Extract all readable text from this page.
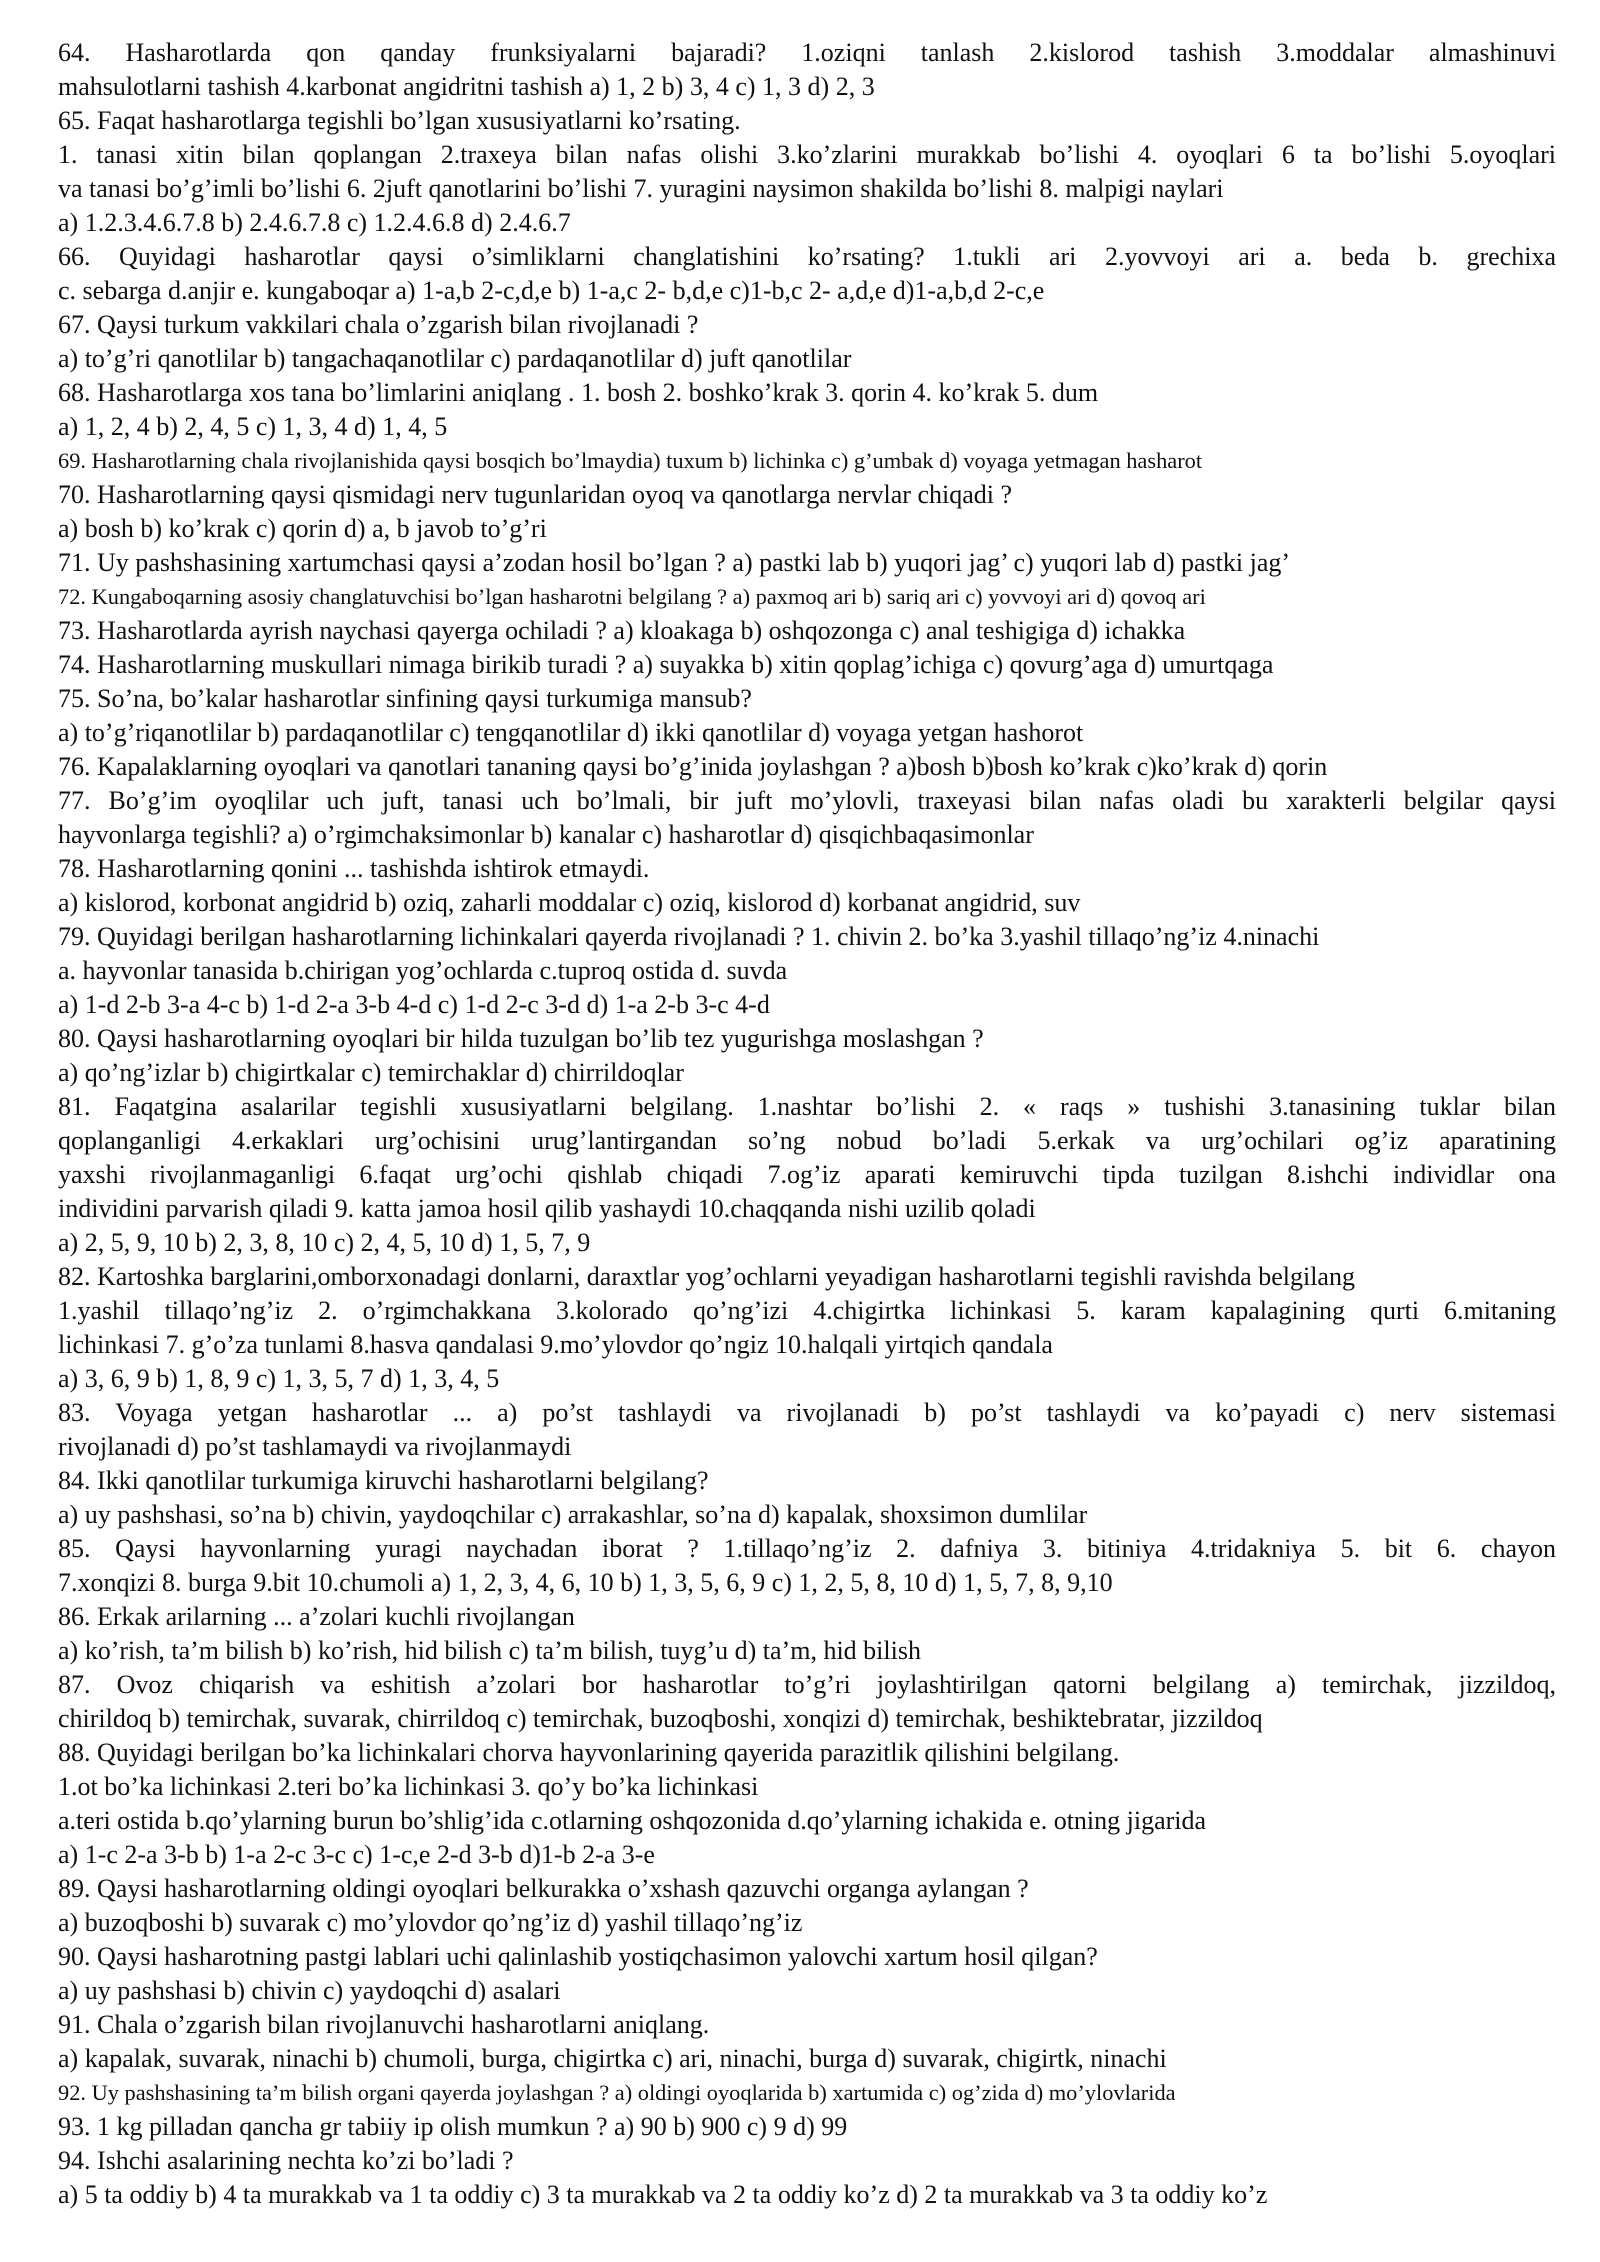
64. Hasharotlarda qon qanday frunksiyalarni bajaradi? 1.oziqni tanlash 2.kislorod tashish 3.moddalar almashinuvi
mahsulotlarni tashish 4.karbonat angidritni tashish a) 1, 2 b) 3, 4 c) 1, 3 d) 2, 3
65. Faqat hasharotlarga tegishli bo’lgan xususiyatlarni ko’rsating.
1. tanasi xitin bilan qoplangan 2.traxeya bilan nafas olishi 3.ko’zlarini murakkab bo’lishi 4. oyoqlari 6 ta bo’lishi 5.oyoqlari
va tanasi bo’g’imli bo’lishi 6. 2juft qanotlarini bo’lishi 7. yuragini naysimon shakilda bo’lishi 8. malpigi naylari
a) 1.2.3.4.6.7.8 b) 2.4.6.7.8 c) 1.2.4.6.8 d) 2.4.6.7
66. Quyidagi hasharotlar qaysi o’simliklarni changlatishini ko’rsating? 1.tukli ari 2.yovvoyi ari a. beda b. grechixa
c. sebarga d.anjir e. kungaboqar a) 1-a,b 2-c,d,e b) 1-a,c 2- b,d,e c)1-b,c 2- a,d,e d)1-a,b,d 2-c,e
67. Qaysi turkum vakkilari chala o’zgarish bilan rivojlanadi ?
a) to’g’ri qanotlilar b) tangachaqanotlilar c) pardaqanotlilar d) juft qanotlilar
68. Hasharotlarga xos tana bo’limlarini aniqlang . 1. bosh 2. boshko’krak 3. qorin 4. ko’krak 5. dum
a) 1, 2, 4 b) 2, 4, 5 c) 1, 3, 4 d) 1, 4, 5
69. Hasharotlarning chala rivojlanishida qaysi bosqich bo’lmaydia) tuxum b) lichinka c) g’umbak d) voyaga yetmagan hasharot
70. Hasharotlarning qaysi qismidagi nerv tugunlaridan oyoq va qanotlarga nervlar chiqadi ?
a) bosh b) ko’krak c) qorin d) a, b javob to’g’ri
71. Uy pashshasining xartumchasi qaysi a’zodan hosil bo’lgan ? a) pastki lab b) yuqori jag’ c) yuqori lab d) pastki jag’
72. Kungaboqarning asosiy changlatuvchisi bo’lgan hasharotni belgilang ? a) paxmoq ari b) sariq ari c) yovvoyi ari d) qovoq ari
73. Hasharotlarda ayrish naychasi qayerga ochiladi ? a) kloakaga b) oshqozonga c) anal teshigiga d) ichakka
74. Hasharotlarning muskullari nimaga birikib turadi ? a) suyakka b) xitin qoplag’ichiga c) qovurg’aga d) umurtqaga
75. So’na, bo’kalar hasharotlar sinfining qaysi turkumiga mansub?
a) to’g’riqanotlilar b) pardaqanotlilar c) tengqanotlilar d) ikki qanotlilar d) voyaga yetgan hashorot
76. Kapalaklarning oyoqlari va qanotlari tananing qaysi bo’g’inida joylashgan ? a)bosh b)bosh ko’krak c)ko’krak d) qorin
77. Bo’g’im oyoqlilar uch juft, tanasi uch bo’lmali, bir juft mo’ylovli, traxeyasi bilan nafas oladi bu xarakterli belgilar qaysi
hayvonlarga tegishli? a) o’rgimchaksimonlar b) kanalar c) hasharotlar d) qisqichbaqasimonlar
78. Hasharotlarning qonini ... tashishda ishtirok etmaydi.
a) kislorod, korbonat angidrid b) oziq, zaharli moddalar c) oziq, kislorod d) korbanat angidrid, suv
79. Quyidagi berilgan hasharotlarning lichinkalari qayerda rivojlanadi ? 1. chivin 2. bo’ka 3.yashil tillaqo’ng’iz 4.ninachi
a. hayvonlar tanasida b.chirigan yog’ochlarda c.tuproq ostida d. suvda
a) 1-d 2-b 3-a 4-c b) 1-d 2-a 3-b 4-d c) 1-d 2-c 3-d d) 1-a 2-b 3-c 4-d
80. Qaysi hasharotlarning oyoqlari bir hilda tuzulgan bo’lib tez yugurishga moslashgan ?
a) qo’ng’izlar b) chigirtkalar c) temirchaklar d) chirrildoqlar
81. Faqatgina asalarilar tegishli xususiyatlarni belgilang. 1.nashtar bo’lishi 2. « raqs » tushishi 3.tanasining tuklar bilan
qoplanganligi 4.erkaklari urg’ochisini urug’lantirgandan so’ng nobud bo’ladi 5.erkak va urg’ochilari og’iz aparatining
yaxshi rivojlanmaganligi 6.faqat urg’ochi qishlab chiqadi 7.og’iz aparati kemiruvchi tipda tuzilgan 8.ishchi individlar ona
individini parvarish qiladi 9. katta jamoa hosil qilib yashaydi 10.chaqqanda nishi uzilib qoladi
a) 2, 5, 9, 10 b) 2, 3, 8, 10 c) 2, 4, 5, 10 d) 1, 5, 7, 9
82. Kartoshka barglarini,omborxonadagi donlarni, daraxtlar yog’ochlarni yeyadigan hasharotlarni tegishli ravishda belgilang
1.yashil tillaqo’ng’iz 2. o’rgimchakkana 3.kolorado qo’ng’izi 4.chigirtka lichinkasi 5. karam kapalagining qurti 6.mitaning
lichinkasi 7. g’o’za tunlami 8.hasva qandalasi 9.mo’ylovdor qo’ngiz 10.halqali yirtqich qandala
a) 3, 6, 9 b) 1, 8, 9 c) 1, 3, 5, 7 d) 1, 3, 4, 5
83. Voyaga yetgan hasharotlar ... a) po’st tashlaydi va rivojlanadi b) po’st tashlaydi va ko’payadi c) nerv sistemasi
rivojlanadi d) po’st tashlamaydi va rivojlanmaydi
84. Ikki qanotlilar turkumiga kiruvchi hasharotlarni belgilang?
a) uy pashshasi, so’na b) chivin, yaydoqchilar c) arrakashlar, so’na d) kapalak, shoxsimon dumlilar
85. Qaysi hayvonlarning yuragi naychadan iborat ? 1.tillaqo’ng’iz 2. dafniya 3. bitiniya 4.tridakniya 5. bit 6. chayon
7.xonqizi 8. burga 9.bit 10.chumoli a) 1, 2, 3, 4, 6, 10 b) 1, 3, 5, 6, 9 c) 1, 2, 5, 8, 10 d) 1, 5, 7, 8, 9,10
86. Erkak arilarning ... a’zolari kuchli rivojlangan
a) ko’rish, ta’m bilish b) ko’rish, hid bilish c) ta’m bilish, tuyg’u d) ta’m, hid bilish
87. Ovoz chiqarish va eshitish a’zolari bor hasharotlar to’g’ri joylashtirilgan qatorni belgilang a) temirchak, jizzildoq,
chirildoq b) temirchak, suvarak, chirrildoq c) temirchak, buzoqboshi, xonqizi d) temirchak, beshiktebratar, jizzildoq
88. Quyidagi berilgan bo’ka lichinkalari chorva hayvonlarining qayerida parazitlik qilishini belgilang.
1.ot bo’ka lichinkasi 2.teri bo’ka lichinkasi 3. qo’y bo’ka lichinkasi
a.teri ostida b.qo’ylarning burun bo’shlig’ida c.otlarning oshqozonida d.qo’ylarning ichakida e. otning jigarida
a) 1-c 2-a 3-b b) 1-a 2-c 3-c c) 1-c,e 2-d 3-b d)1-b 2-a 3-e
89. Qaysi hasharotlarning oldingi oyoqlari belkurakka o’xshash qazuvchi organga aylangan ?
a) buzoqboshi b) suvarak c) mo’ylovdor qo’ng’iz d) yashil tillaqo’ng’iz
90. Qaysi hasharotning pastgi lablari uchi qalinlashib yostiqchasimon yalovchi xartum hosil qilgan?
a) uy pashshasi b) chivin c) yaydoqchi d) asalari
91. Chala o’zgarish bilan rivojlanuvchi hasharotlarni aniqlang.
a) kapalak, suvarak, ninachi b) chumoli, burga, chigirtka c) ari, ninachi, burga d) suvarak, chigirtk, ninachi
92. Uy pashshasining ta’m bilish organi qayerda joylashgan ? a) oldingi oyoqlarida b) xartumida c) og’zida d) mo’ylovlarida
93. 1 kg pilladan qancha gr tabiiy ip olish mumkun ? a) 90 b) 900 c) 9 d) 99
94. Ishchi asalarining nechta ko’zi bo’ladi ?
a) 5 ta oddiy b) 4 ta murakkab va 1 ta oddiy c) 3 ta murakkab va 2 ta oddiy ko’z d) 2 ta murakkab va 3 ta oddiy ko’z
